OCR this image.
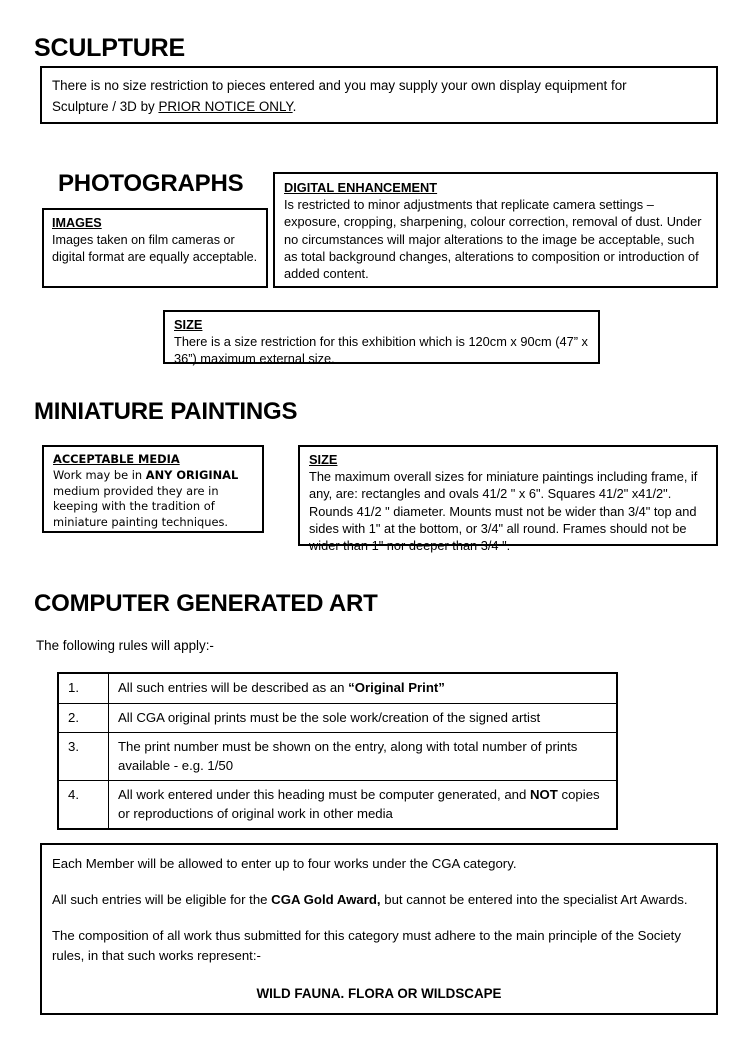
SCULPTURE
There is no size restriction to pieces entered and you may supply your own display equipment for
Sculpture / 3D by PRIOR NOTICE ONLY.
PHOTOGRAPHS
IMAGES
Images taken on film cameras or digital format are equally acceptable.
DIGITAL ENHANCEMENT
Is restricted to minor adjustments that replicate camera settings – exposure, cropping, sharpening, colour correction, removal of dust. Under no circumstances will major alterations to the image be acceptable, such as total background changes, alterations to composition or introduction of added content.
SIZE
There is a size restriction for this exhibition which is 120cm x 90cm (47” x 36”) maximum external size.
MINIATURE PAINTINGS
ACCEPTABLE MEDIA
Work may be in ANY ORIGINAL medium provided they are in keeping with the tradition of miniature painting techniques.
SIZE
The maximum overall sizes for miniature paintings including frame, if any, are: rectangles and ovals 41/2 " x 6". Squares 41/2" x41/2". Rounds 41/2 " diameter. Mounts must not be wider than 3/4" top and sides with 1" at the bottom, or 3/4" all round. Frames should not be wider than 1" nor deeper than 3/4 ".
COMPUTER GENERATED ART
The following rules will apply:-
1.	All such entries will be described as an “Original Print”
2.	All CGA original prints must be the sole work/creation of the signed artist
3.	The print number must be shown on the entry, along with total number of prints available - e.g. 1/50
4.	All work entered under this heading must be computer generated, and NOT copies or reproductions of original work in other media

Each Member will be allowed to enter up to four works under the CGA category.

All such entries will be eligible for the CGA Gold Award, but cannot be entered into the specialist Art Awards.

The composition of all work thus submitted for this category must adhere to the main principle of the Society rules, in that such works represent:-

WILD FAUNA. FLORA OR WILDSCAPE
